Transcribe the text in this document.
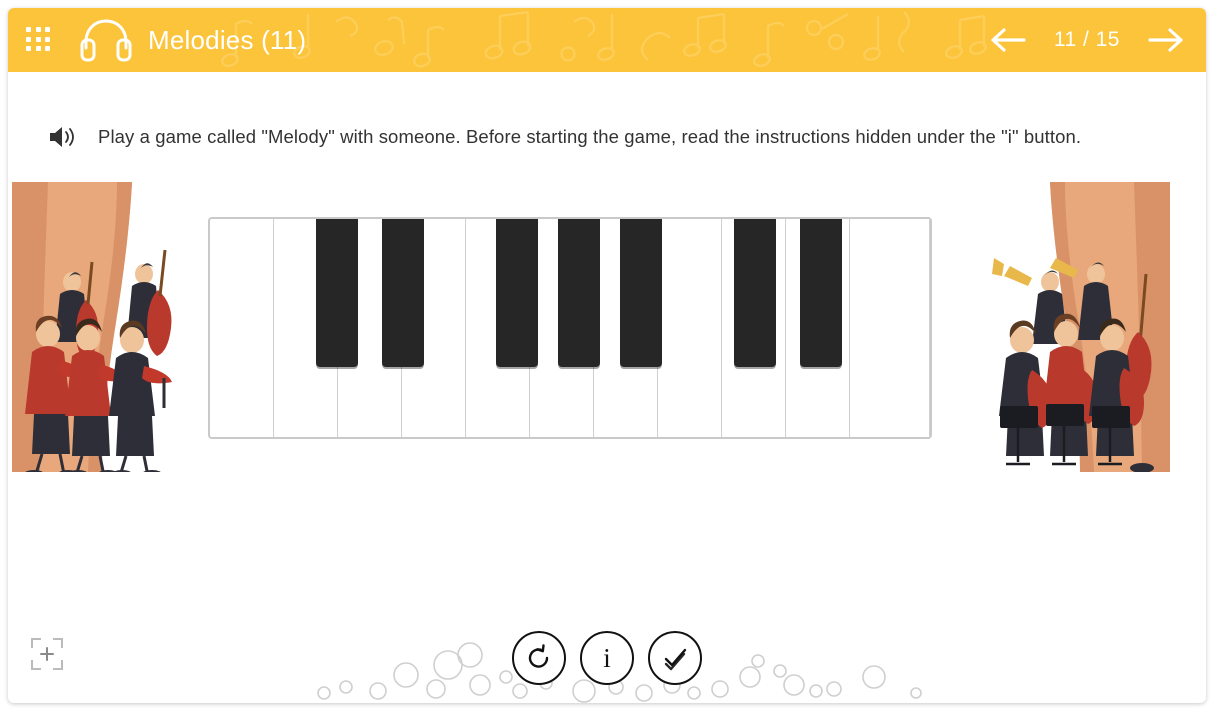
Melodies (11)	11 / 15
Play a game called "Melody" with someone. Before starting the game, read the instructions hidden under the "i" button.
i
